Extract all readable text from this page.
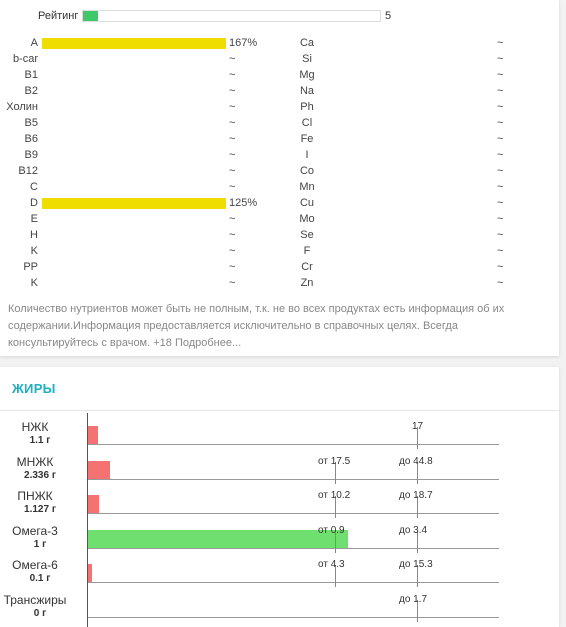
Рейтинг	5
A	167%	Ca	~
b-car	~	Si	~
B1	~	Mg	~
B2	~	Na	~
Холин	~	Ph	~
B5	~	Cl	~
B6	~	Fe	~
B9	~	I	~
B12	~	Co	~
C	~	Mn	~
D	125%	Cu	~
E	~	Mo	~
H	~	Se	~
K	~	F	~
PP	~	Cr	~
K	~	Zn	~

Количество нутриентов может быть не полным, т.к. не во всех продуктах есть информация об их содержании.Информация предоставляется исключительно в справочных целях. Всегда консультируйтесь с врачом. +18 Подробнее...

ЖИРЫ
НЖК
1.1 г
17
МНЖК
2.336 г
от 17.5	до 44.8
ПНЖК
1.127 г
от 10.2	до 18.7
Омега-3
1 г
от 0.9	до 3.4
Омега-6
0.1 г
от 4.3	до 15.3
Трансжиры
0 г
до 1.7
